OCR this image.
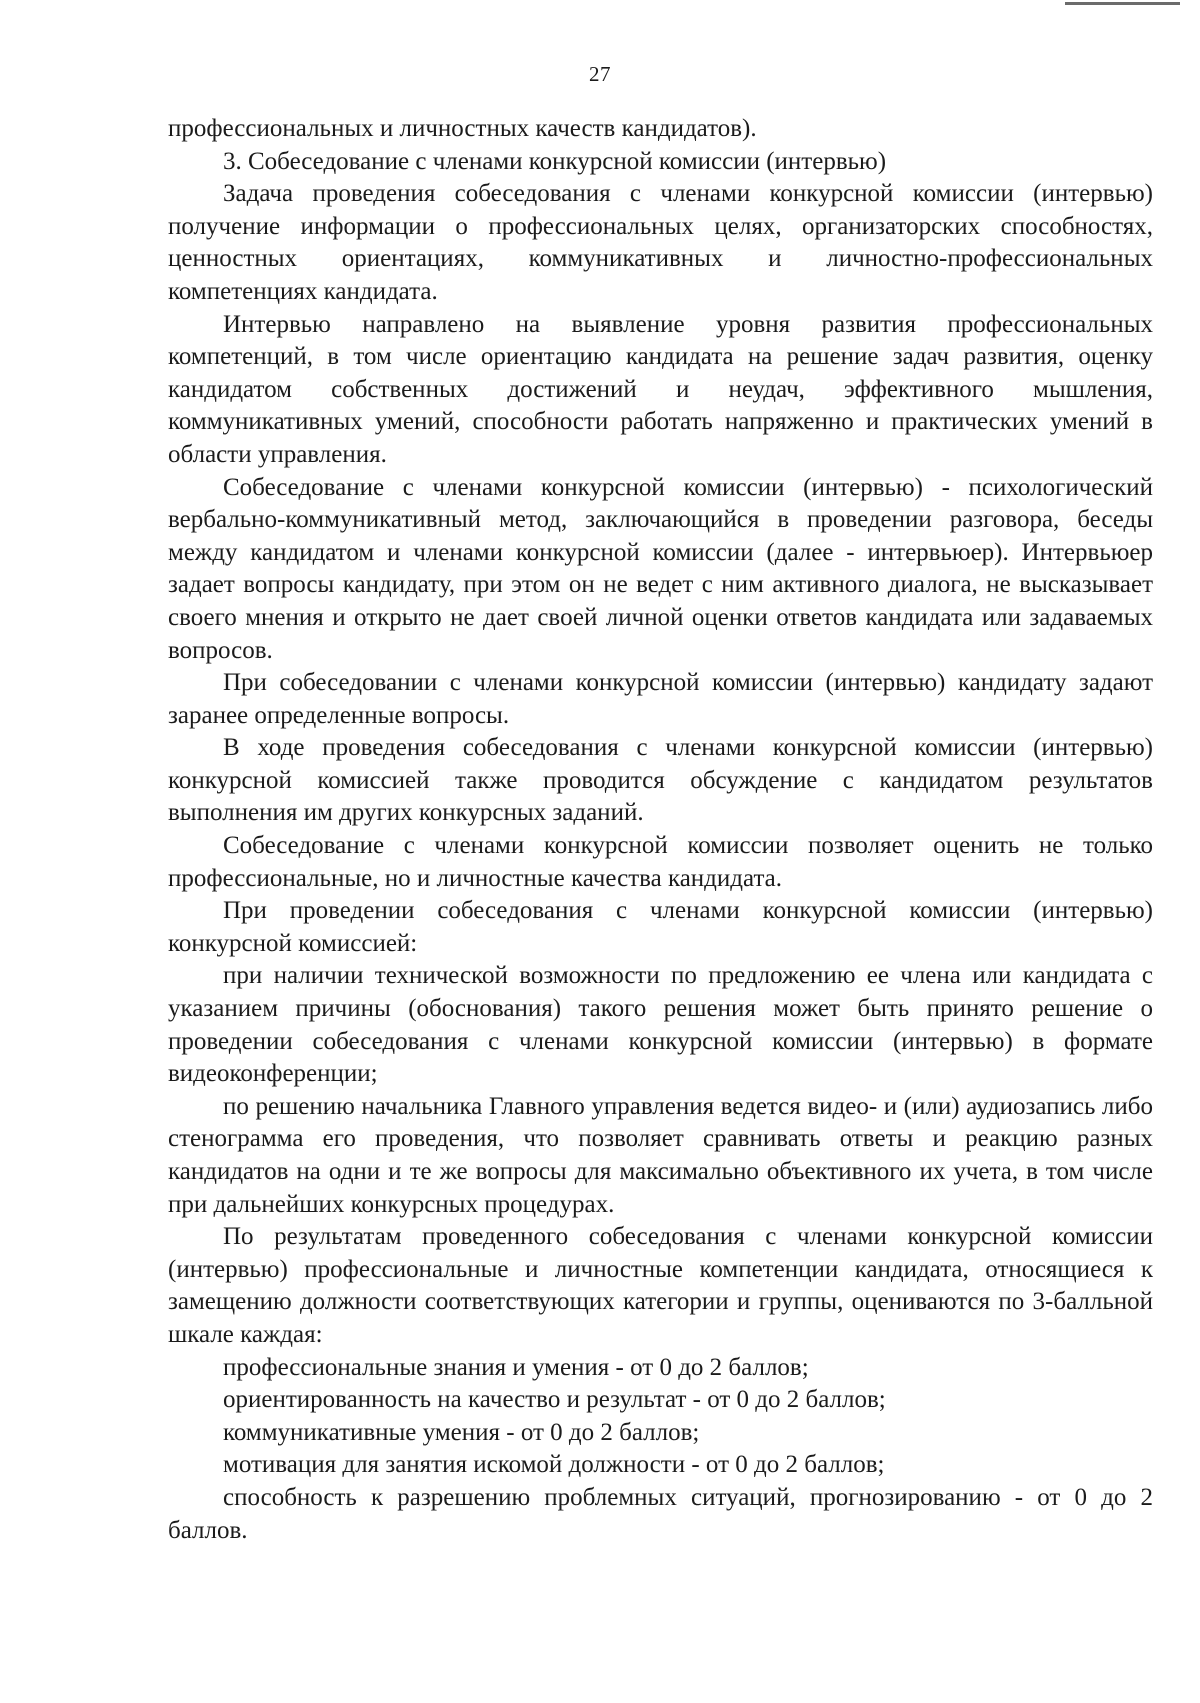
27

профессиональных и личностных качеств кандидатов).

3. Собеседование с членами конкурсной комиссии (интервью)

Задача проведения собеседования с членами конкурсной комиссии (интервью) получение информации о профессиональных целях, организаторских способностях, ценностных ориентациях, коммуникативных и личностно-профессиональных компетенциях кандидата.

Интервью направлено на выявление уровня развития профессиональных компетенций, в том числе ориентацию кандидата на решение задач развития, оценку кандидатом собственных достижений и неудач, эффективного мышления, коммуникативных умений, способности работать напряженно и практических умений в области управления.

Собеседование с членами конкурсной комиссии (интервью) - психологический вербально-коммуникативный метод, заключающийся в проведении разговора, беседы между кандидатом и членами конкурсной комиссии (далее - интервьюер). Интервьюер задает вопросы кандидату, при этом он не ведет с ним активного диалога, не высказывает своего мнения и открыто не дает своей личной оценки ответов кандидата или задаваемых вопросов.

При собеседовании с членами конкурсной комиссии (интервью) кандидату задают заранее определенные вопросы.

В ходе проведения собеседования с членами конкурсной комиссии (интервью) конкурсной комиссией также проводится обсуждение с кандидатом результатов выполнения им других конкурсных заданий.

Собеседование с членами конкурсной комиссии позволяет оценить не только профессиональные, но и личностные качества кандидата.

При проведении собеседования с членами конкурсной комиссии (интервью) конкурсной комиссией:

при наличии технической возможности по предложению ее члена или кандидата с указанием причины (обоснования) такого решения может быть принято решение о проведении собеседования с членами конкурсной комиссии (интервью) в формате видеоконференции;

по решению начальника Главного управления ведется видео- и (или) аудиозапись либо стенограмма его проведения, что позволяет сравнивать ответы и реакцию разных кандидатов на одни и те же вопросы для максимально объективного их учета, в том числе при дальнейших конкурсных процедурах.

По результатам проведенного собеседования с членами конкурсной комиссии (интервью) профессиональные и личностные компетенции кандидата, относящиеся к замещению должности соответствующих категории и группы, оцениваются по 3-балльной шкале каждая:

профессиональные знания и умения - от 0 до 2 баллов;

ориентированность на качество и результат - от 0 до 2 баллов;

коммуникативные умения - от 0 до 2 баллов;

мотивация для занятия искомой должности - от 0 до 2 баллов;

способность к разрешению проблемных ситуаций, прогнозированию - от 0 до 2 баллов.
